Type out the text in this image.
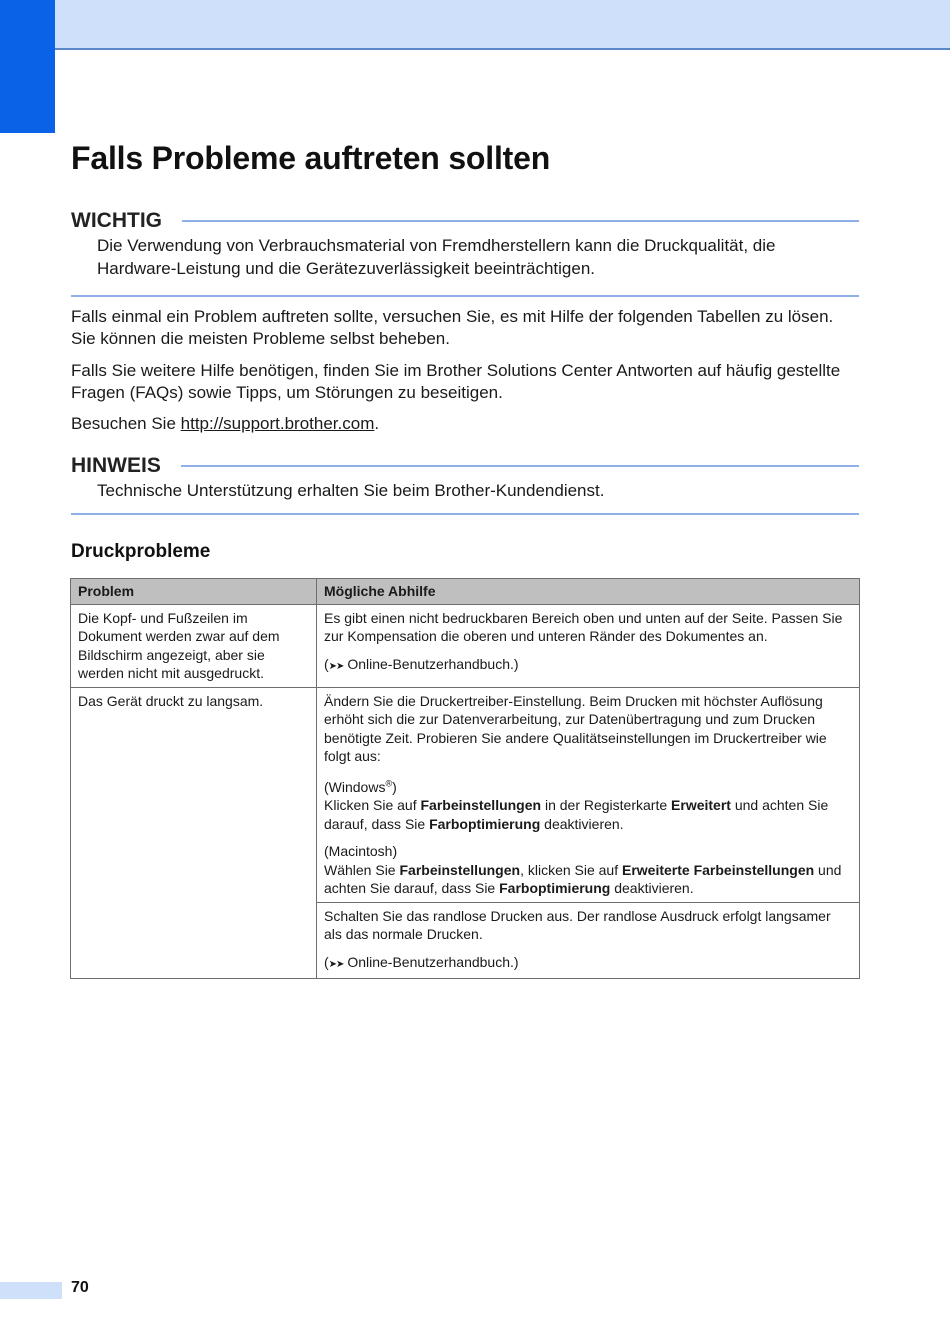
Falls Probleme auftreten sollten
WICHTIG
Die Verwendung von Verbrauchsmaterial von Fremdherstellern kann die Druckqualität, die Hardware-Leistung und die Gerätezuverlässigkeit beeinträchtigen.

Falls einmal ein Problem auftreten sollte, versuchen Sie, es mit Hilfe der folgenden Tabellen zu lösen. Sie können die meisten Probleme selbst beheben.

Falls Sie weitere Hilfe benötigen, finden Sie im Brother Solutions Center Antworten auf häufig gestellte Fragen (FAQs) sowie Tipps, um Störungen zu beseitigen.

Besuchen Sie http://support.brother.com.

HINWEIS
Technische Unterstützung erhalten Sie beim Brother-Kundendienst.
Druckprobleme
Problem	Mögliche Abhilfe
Die Kopf- und Fußzeilen im Dokument werden zwar auf dem Bildschirm angezeigt, aber sie werden nicht mit ausgedruckt.	Es gibt einen nicht bedruckbaren Bereich oben und unten auf der Seite. Passen Sie zur Kompensation die oberen und unteren Ränder des Dokumentes an.

(➤➤ Online-Benutzerhandbuch.)

Das Gerät druckt zu langsam.	Ändern Sie die Druckertreiber-Einstellung. Beim Drucken mit höchster Auflösung erhöht sich die zur Datenverarbeitung, zur Datenübertragung und zum Drucken benötigte Zeit. Probieren Sie andere Qualitätseinstellungen im Druckertreiber wie folgt aus:

(Windows®)
Klicken Sie auf Farbeinstellungen in der Registerkarte Erweitert und achten Sie darauf, dass Sie Farboptimierung deaktivieren.

(Macintosh)
Wählen Sie Farbeinstellungen, klicken Sie auf Erweiterte Farbeinstellungen und achten Sie darauf, dass Sie Farboptimierung deaktivieren.

	Schalten Sie das randlose Drucken aus. Der randlose Ausdruck erfolgt langsamer als das normale Drucken.

(➤➤ Online-Benutzerhandbuch.)

70
